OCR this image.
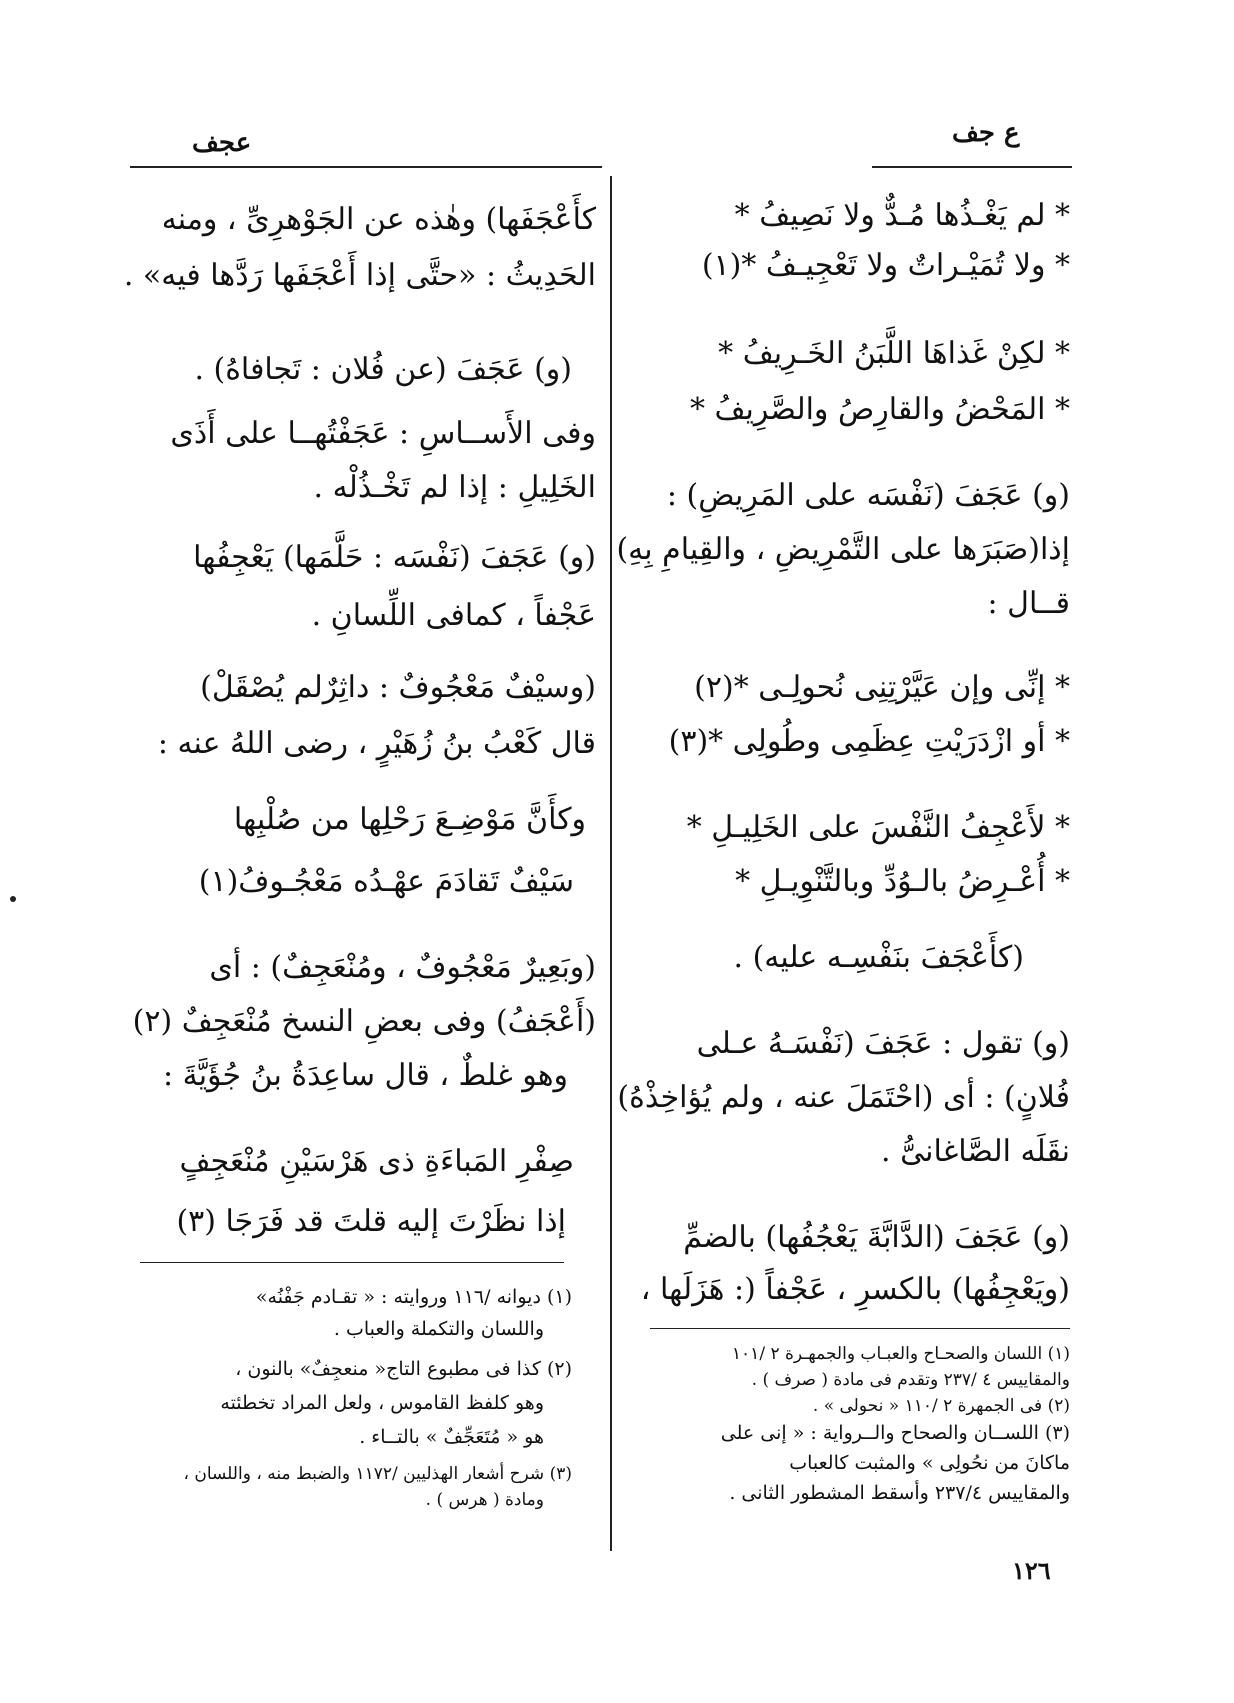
ع جف
عجف
* لم يَغْـذُها مُـدٌّ ولا نَصِيفُ *
* ولا تُمَيْـراتٌ ولا تَعْجِيـفُ *(١)
* لكِنْ غَذاهَا اللَّبَنُ الخَـرِيفُ *
* المَحْضُ والقارِصُ والصَّرِيفُ *
(و) عَجَفَ (نَفْسَه على المَرِيضِ) :
إذا(صَبَرَها على التَّمْرِيضِ ، والقِيامِ بِهِ)
قــال :
* إنِّى وإن عَيَّرْتِنِى نُحولِـى *(٢)
* أو ازْدَرَيْتِ عِظَمِى وطُولِى *(٣)
* لأَعْجِفُ النَّفْسَ على الخَلِيـلِ *
* أُعْـرِضُ بالـوُدِّ وبالتَّنْوِيـلِ *
(كأَعْجَفَ بنَفْسِـه عليه) .
(و) تقول : عَجَفَ (نَفْسَـهُ عـلى
فُلانٍ) : أى (احْتَمَلَ عنه ، ولم يُؤاخِذْهُ)
نقَلَه الصَّاغانىُّ .
(و) عَجَفَ (الدَّابَّةَ يَعْجُفُها) بالضمِّ
(ويَعْجِفُها) بالكسرِ ، عَجْفاً (: هَزَلَها ،
(١) اللسان والصحـاح والعبـاب والجمهـرة ٢ /١٠١
والمقاييس ٤ /٢٣٧ وتقدم فى مادة ( صرف ) .
(٢) فى الجمهرة ٢ /١١٠ « نحولى » .
(٣) اللســان والصحاح والــرواية : « إنى على
ماكانَ من نحُولِى » والمثبت كالعباب
والمقاييس ٢٣٧/٤ وأسقط المشطور الثانى .
كأَعْجَفَها) وهٰذه عن الجَوْهرِىِّ ، ومنه
الحَدِيثُ : «حتَّى إذا أَعْجَفَها رَدَّها فيه» .
(و) عَجَفَ (عن فُلان : تَجافاهُ) .
وفى الأَســاسِ : عَجَفْتُهــا على أَذَى
الخَلِيلِ : إذا لم تَخْـذُلْه .
(و) عَجَفَ (نَفْسَه : حَلَّمَها) يَعْجِفُها
عَجْفاً ، كمافى اللِّسانِ .
(وسيْفٌ مَعْجُوفٌ : داثِرٌلم يُصْقَلْ)
قال كَعْبُ بنُ زُهَيْرٍ ، رضى اللهُ عنه :
وكأَنَّ مَوْضِـعَ رَحْلِها من صُلْبِها
سَيْفٌ تَقادَمَ عهْـدُه مَعْجُـوفُ(١)
(وبَعِيرٌ مَعْجُوفٌ ، ومُنْعَجِفٌ) : أى
(أَعْجَفُ) وفى بعضِ النسخ مُنْعَجِفٌ (٢)
وهو غلطٌ ، قال ساعِدَةُ بنُ جُؤَيَّةَ :
صِفْرِ المَباءَةِ ذى هَرْسَيْنِ مُنْعَجِفٍ
إذا نظَرْتَ إليه قلتَ قد فَرَجَا (٣)
(١) ديوانه /١١٦ وروايته : « تقـادم جَفْنُه»
واللسان والتكملة والعباب .
(٢) كذا فى مطبوع التاج« منعجِفٌ» بالنون ،
وهو كلفظ القاموس ، ولعل المراد تخطئته
هو « مُتَعَجِّفٌ » بالتــاء .
(٣) شرح أشعار الهذليين /١١٧٢ والضبط منه ، واللسان ،
ومادة ( هرس ) .
١٢٦
